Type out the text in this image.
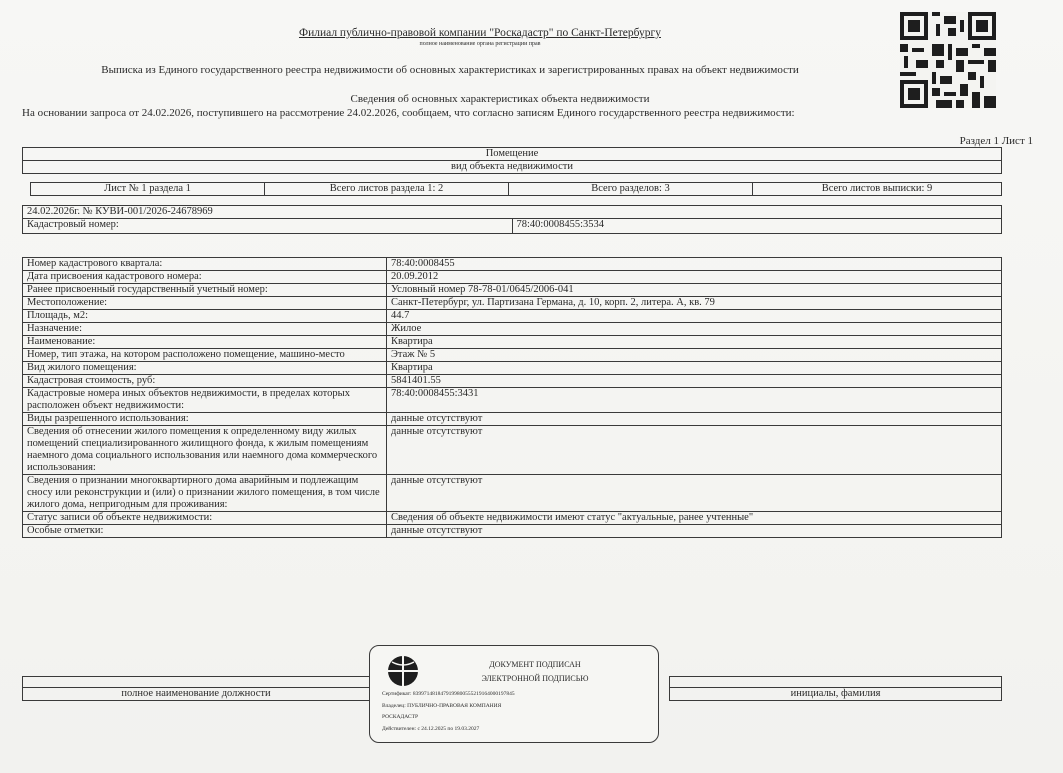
Филиал публично-правовой компании "Роскадастр" по Санкт-Петербургу
полное наименование органа регистрации прав
Выписка из Единого государственного реестра недвижимости об основных характеристиках и зарегистрированных правах на объект недвижимости
Сведения об основных характеристиках объекта недвижимости
На основании запроса от 24.02.2026, поступившего на рассмотрение 24.02.2026, сообщаем, что согласно записям Единого государственного реестра недвижимости:
Раздел 1 Лист 1
Помещение
вид объекта недвижимости
Лист № 1 раздела 1	Всего листов раздела 1: 2	Всего разделов: 3	Всего листов выписки: 9
24.02.2026г. № КУВИ-001/2026-24678969
Кадастровый номер:	78:40:0008455:3534
Номер кадастрового квартала:	78:40:0008455
Дата присвоения кадастрового номера:	20.09.2012
Ранее присвоенный государственный учетный номер:	Условный номер 78-78-01/0645/2006-041
Местоположение:	Санкт-Петербург, ул. Партизана Германа, д. 10, корп. 2, литера. А, кв. 79
Площадь, м2:	44.7
Назначение:	Жилое
Наименование:	Квартира
Номер, тип этажа, на котором расположено помещение, машино-место	Этаж № 5
Вид жилого помещения:	Квартира
Кадастровая стоимость, руб:	5841401.55
Кадастровые номера иных объектов недвижимости, в пределах которых расположен объект недвижимости:	78:40:0008455:3431
Виды разрешенного использования:	данные отсутствуют
Сведения об отнесении жилого помещения к определенному виду жилых помещений специализированного жилищного фонда, к жилым помещениям наемного дома социального использования или наемного дома коммерческого использования:	данные отсутствуют
Сведения о признании многоквартирного дома аварийным и подлежащим сносу или реконструкции и (или) о признании жилого помещения, в том числе жилого дома, непригодным для проживания:	данные отсутствуют
Статус записи об объекте недвижимости:	Сведения об объекте недвижимости имеют статус "актуальные, ранее учтенные"
Особые отметки:	данные отсутствуют

полное наименование должности		инициалы, фамилия
ДОКУМЕНТ ПОДПИСАН
ЭЛЕКТРОННОЙ ПОДПИСЬЮ
Сертификат: 8399714818479199800555219164000197845
Владелец: ПУБЛИЧНО-ПРАВОВАЯ КОМПАНИЯ
РОСКАДАСТР
Действителен: с 24.12.2025 по 19.03.2027
